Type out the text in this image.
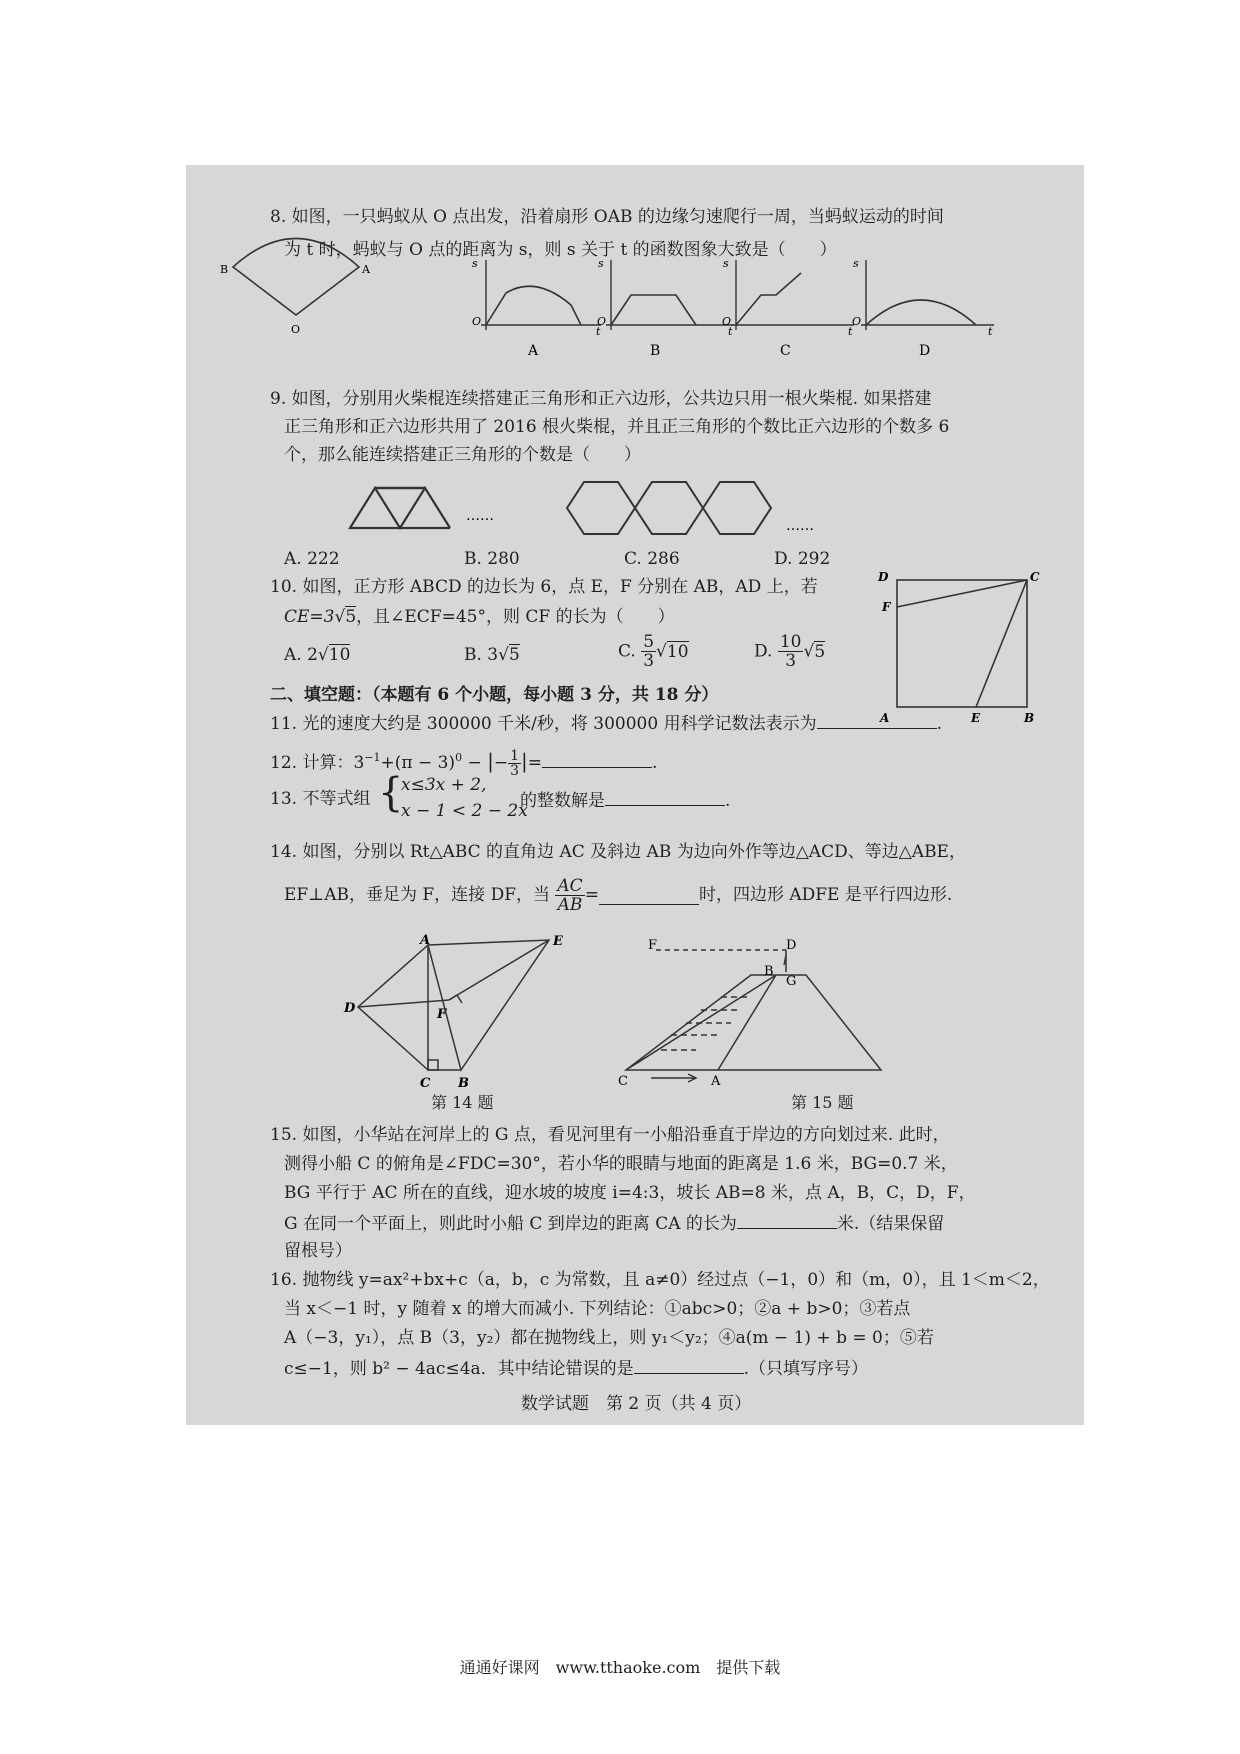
8. 如图，一只蚂蚁从 O 点出发，沿着扇形 OAB 的边缘匀速爬行一周，当蚂蚁运动的时间
为 t 时，蚂蚁与 O 点的距离为 s，则 s 关于 t 的函数图象大致是（　　）
B	A
O
O
s
t
O
s
t
O
s
t
O
s
t
A	B	C	D
9. 如图，分别用火柴棍连续搭建正三角形和正六边形，公共边只用一根火柴棍. 如果搭建
正三角形和正六边形共用了 2016 根火柴棍，并且正三角形的个数比正六边形的个数多 6
个，那么能连续搭建正三角形的个数是（　　）
……
……
A. 222	B. 280	C. 286	D. 292
10. 如图，正方形 ABCD 的边长为 6，点 E，F 分别在 AB，AD 上，若
CE=3√5，且∠ECF=45°，则 CF 的长为（　　）
A. 2√10	B. 3√5	C. $\frac{5}{3} √10$	D. $\frac{10}{3} √5$
D	C
F
A	E	B
二、填空题：（本题有 6 个小题，每小题 3 分，共 18 分）
11. 光的速度大约是 300000 千米/秒，将 300000 用科学记数法表示为	.
12. 计算：$3^{-1}+(\pi - 3)^0$ − |− $\frac{1}{3}$ |=	.
13. 不等式组 {
x≤3x + 2,
x − 1 < 2 − 2x
的整数解是	.
14. 如图，分别以 Rt△ABC 的直角边 AC 及斜边 AB 为边向外作等边△ACD、等边△ABE，
EF⊥AB，垂足为 F，连接 DF，当 $\frac{AC}{AB}$ =	时，四边形 ADFE 是平行四边形.
A	E
D	F
C B
第 14 题
F	D
B
G
C	A
第 15 题
15. 如图，小华站在河岸上的 G 点，看见河里有一小船沿垂直于岸边的方向划过来. 此时，
测得小船 C 的俯角是∠FDC=30°，若小华的眼睛与地面的距离是 1.6 米，BG=0.7 米，
BG 平行于 AC 所在的直线，迎水坡的坡度 i=4:3，坡长 AB=8 米，点 A，B，C，D，F，
G 在同一个平面上，则此时小船 C 到岸边的距离 CA 的长为	米.（结果保留
留根号）
16. 抛物线 y=ax²+bx+c（a，b，c 为常数，且 a≠0）经过点（−1，0）和（m，0），且 1＜m＜2，
当 x＜−1 时，y 随着 x 的增大而减小. 下列结论：①abc>0；②a + b>0；③若点
A（−3，y₁），点 B（3，y₂）都在抛物线上，则 y₁＜y₂；④a(m − 1) + b = 0；⑤若
c≤−1，则 b² − 4ac≤4a．其中结论错误的是	.（只填写序号）
数学试题　第 2 页（共 4 页）
通通好课网　www.tthaoke.com　提供下载
